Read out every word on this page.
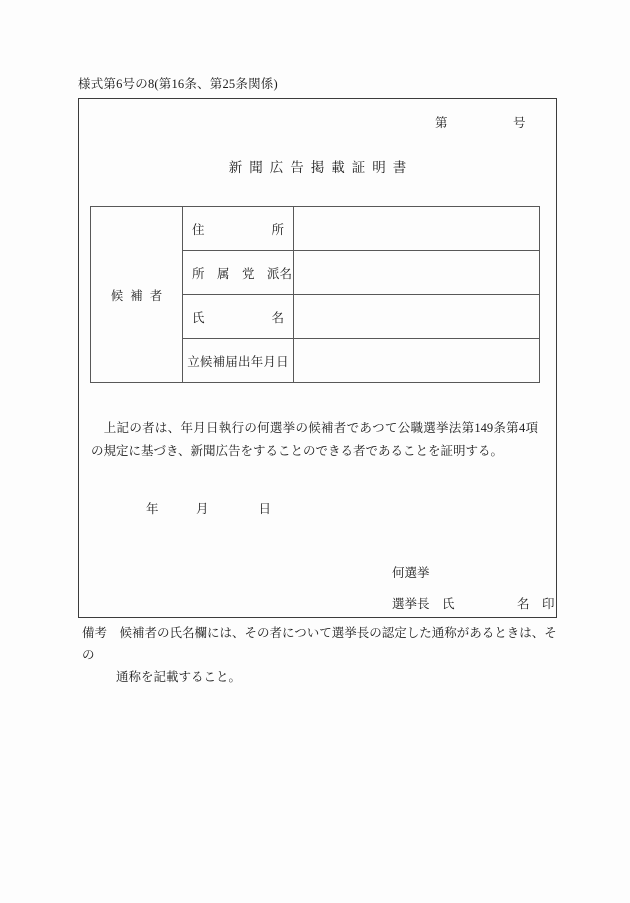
様式第6号の8(第16条、第25条関係)
第　　　　　号
新聞広告掲載証明書
候補者	住 所	

	所　属　党　派 名	

	氏 名	

	立候補届出年月日	

上記の者は、年月日執行の何選挙の候補者であつて公職選挙法第149条第4項の規定に基づき、新聞広告をすることのできる者であることを証明する。
年　　　月　　　　日
何選挙
選挙長　氏　　　　　名　印
備考　候補者の氏名欄には、その者について選挙長の認定した通称があるときは、その
通称を記載すること。
